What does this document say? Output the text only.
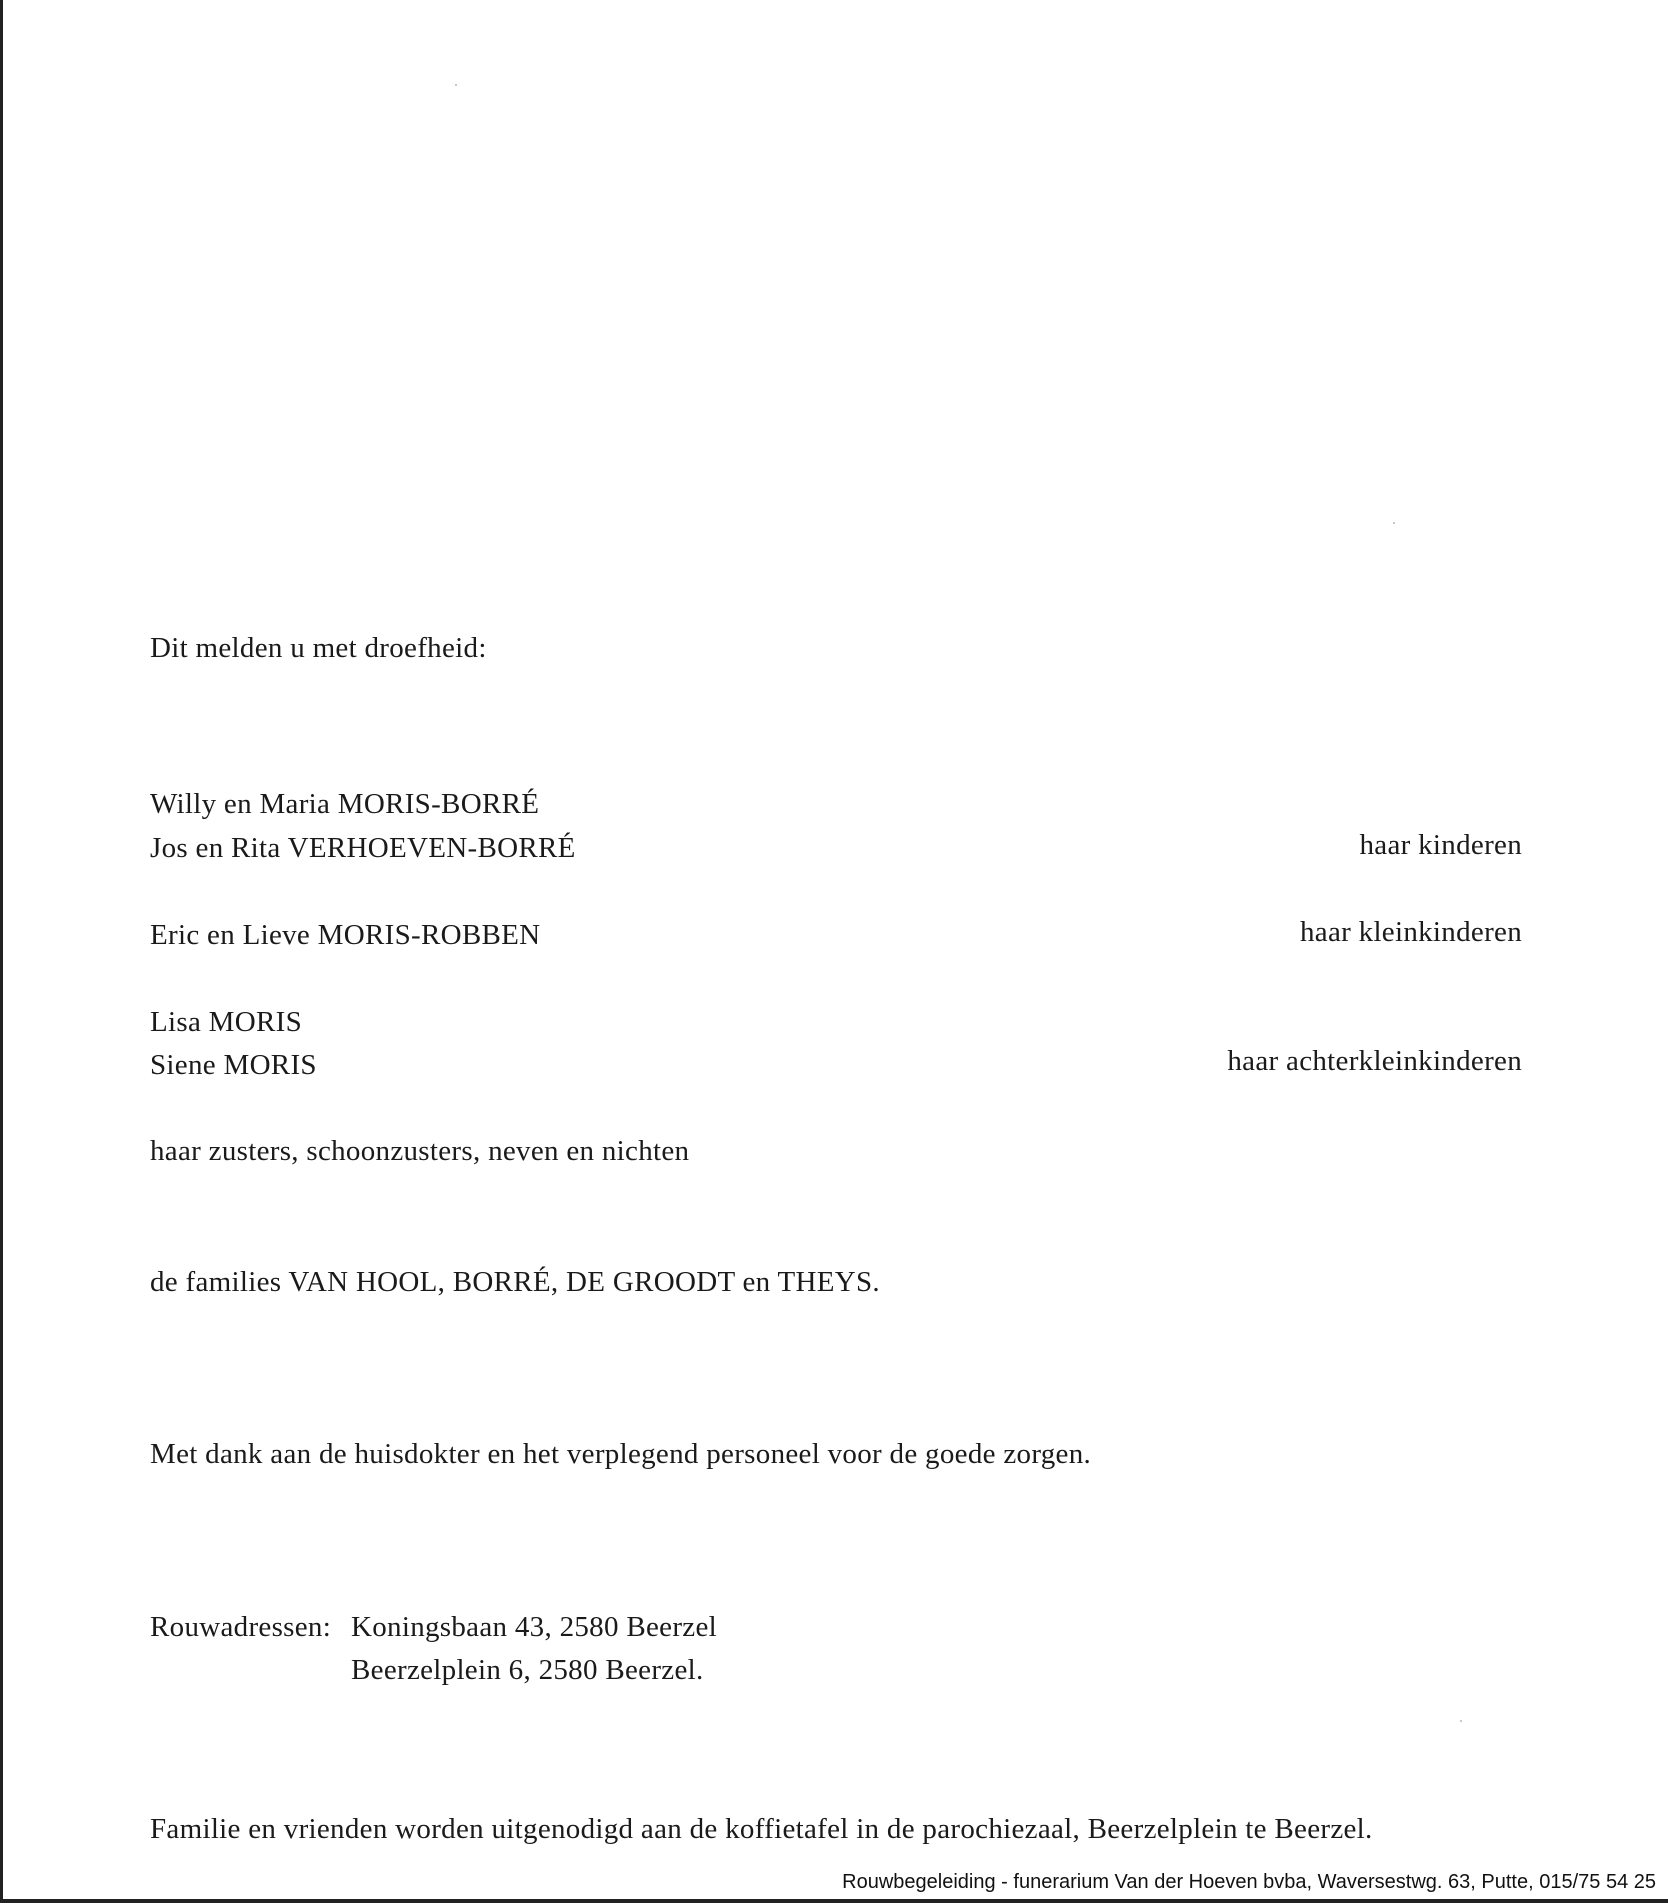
Dit melden u met droefheid:
Willy en Maria MORIS-BORRÉ
Jos en Rita VERHOEVEN-BORRÉ	haar kinderen
Eric en Lieve MORIS-ROBBEN	haar kleinkinderen
Lisa MORIS
Siene MORIS	haar achterkleinkinderen
haar zusters, schoonzusters, neven en nichten
de families VAN HOOL, BORRÉ, DE GROODT en THEYS.
Met dank aan de huisdokter en het verplegend personeel voor de goede zorgen.
Rouwadressen: Koningsbaan 43, 2580 Beerzel
Beerzelplein 6, 2580 Beerzel.
Familie en vrienden worden uitgenodigd aan de koffietafel in de parochiezaal, Beerzelplein te Beerzel.
Rouwbegeleiding - funerarium Van der Hoeven bvba, Waversestwg. 63, Putte, 015/75 54 25
